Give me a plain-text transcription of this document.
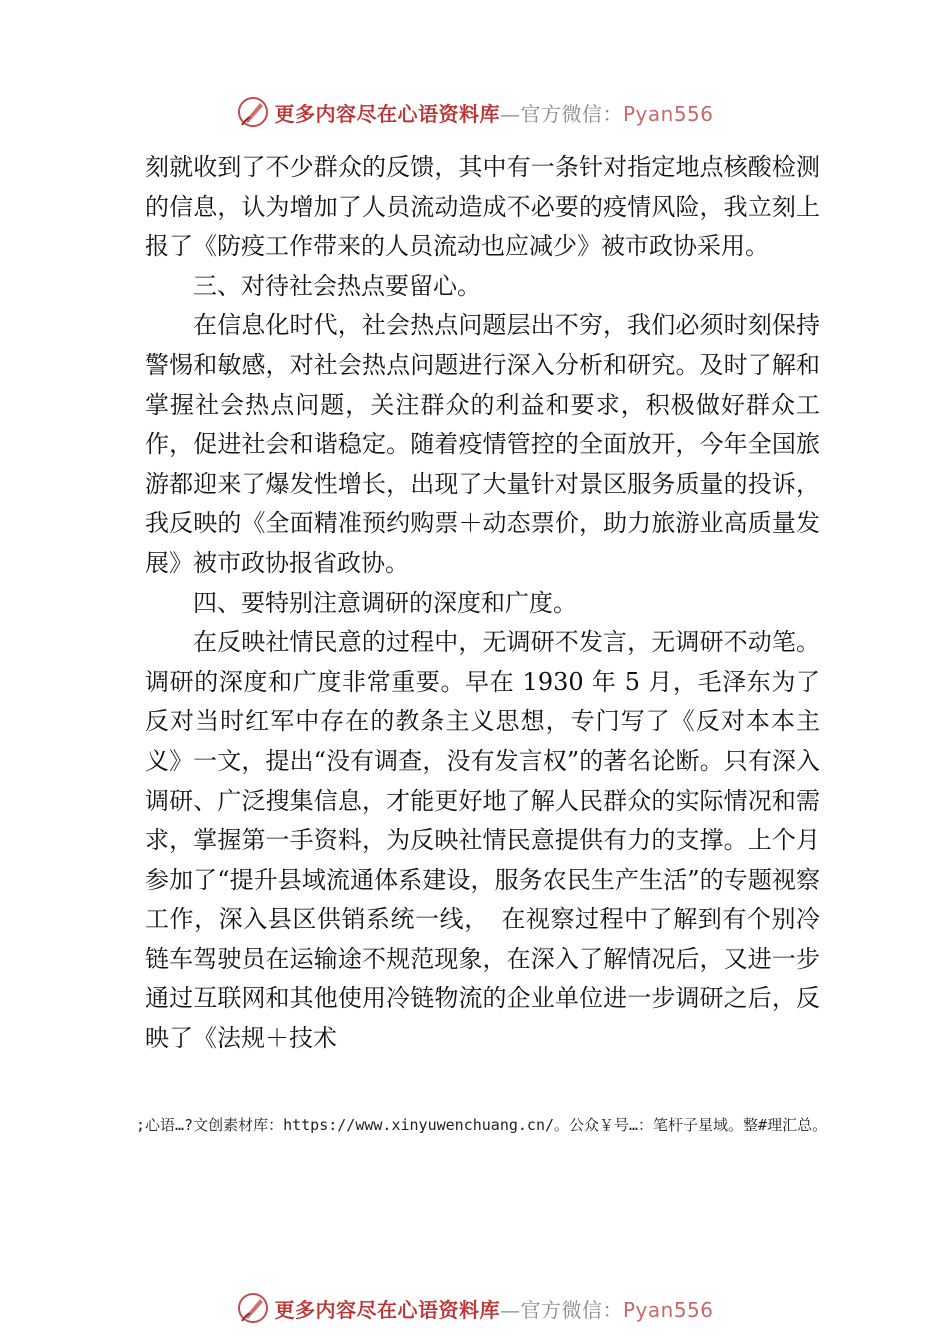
更多内容尽在心语资料库—官方微信：Pyan556

刻就收到了不少群众的反馈，其中有一条针对指定地点核酸检测的信息，认为增加了人员流动造成不必要的疫情风险，我立刻上报了《防疫工作带来的人员流动也应减少》被市政协采用。

三、对待社会热点要留心。

在信息化时代，社会热点问题层出不穷，我们必须时刻保持警惕和敏感，对社会热点问题进行深入分析和研究。及时了解和掌握社会热点问题，关注群众的利益和要求，积极做好群众工作，促进社会和谐稳定。随着疫情管控的全面放开，今年全国旅游都迎来了爆发性增长，出现了大量针对景区服务质量的投诉，我反映的《全面精准预约购票＋动态票价，助力旅游业高质量发展》被市政协报省政协。

四、要特别注意调研的深度和广度。

在反映社情民意的过程中，无调研不发言，无调研不动笔。调研的深度和广度非常重要。早在 1930 年 5 月，毛泽东为了反对当时红军中存在的教条主义思想，专门写了《反对本本主义》一文，提出“没有调查，没有发言权”的著名论断。只有深入调研、广泛搜集信息，才能更好地了解人民群众的实际情况和需求，掌握第一手资料，为反映社情民意提供有力的支撑。上个月参加了“提升县域流通体系建设，服务农民生产生活”的专题视察工作，深入县区供销系统一线，　在视察过程中了解到有个别冷链车驾驶员在运输途不规范现象，在深入了解情况后，又进一步通过互联网和其他使用冷链物流的企业单位进一步调研之后，反映了《法规＋技术

;心语…?文创素材库：https://www.xinyuwenchuang.cn/。公众￥号…：笔杆子星域。整#理汇总。
更多内容尽在心语资料库—官方微信：Pyan556
